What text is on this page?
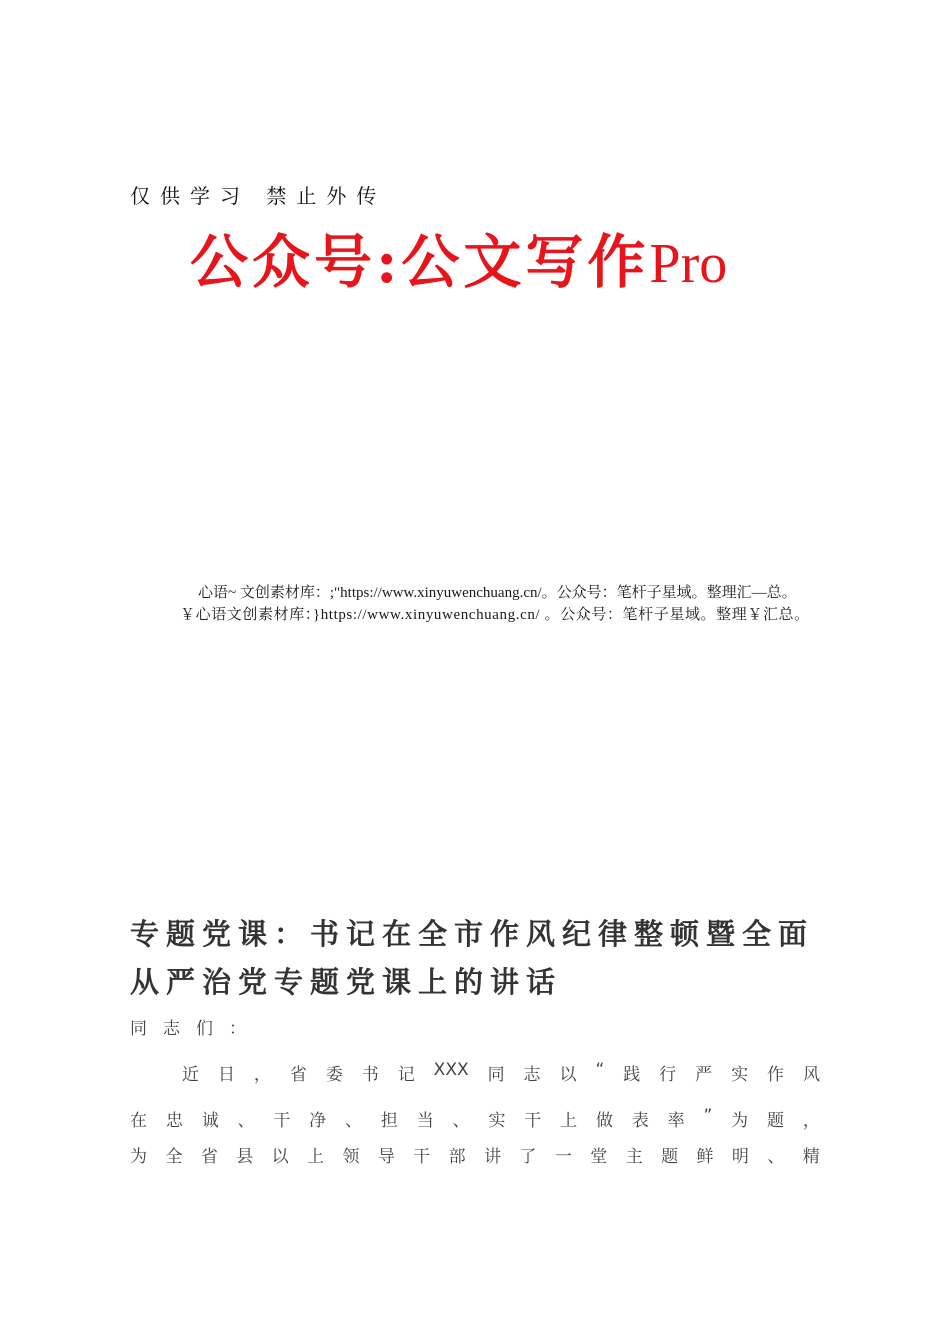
仅供学习 禁止外传
公众号:公文写作Pro
心语~ 文创素材库：;"https://www.xinyuwenchuang.cn/。公众号：笔杆子星域。整理汇—总。
￥心语文创素材库：}https://www.xinyuwenchuang.cn/ 。公众号：笔杆子星域。整理￥汇总。
专题党课：书记在全市作风纪律整顿暨全面从严治党专题党课上的讲话
同志们：
近 日 ， 省 委 书 记 XXX 同 志 以 “ 践 行 严 实 作 风
在 忠 诚 、 干 净 、 担 当 、 实 干 上 做 表 率 ” 为 题 ，
为 全 省 县 以 上 领 导 干 部 讲 了 一 堂 主 题 鲜 明 、 精
